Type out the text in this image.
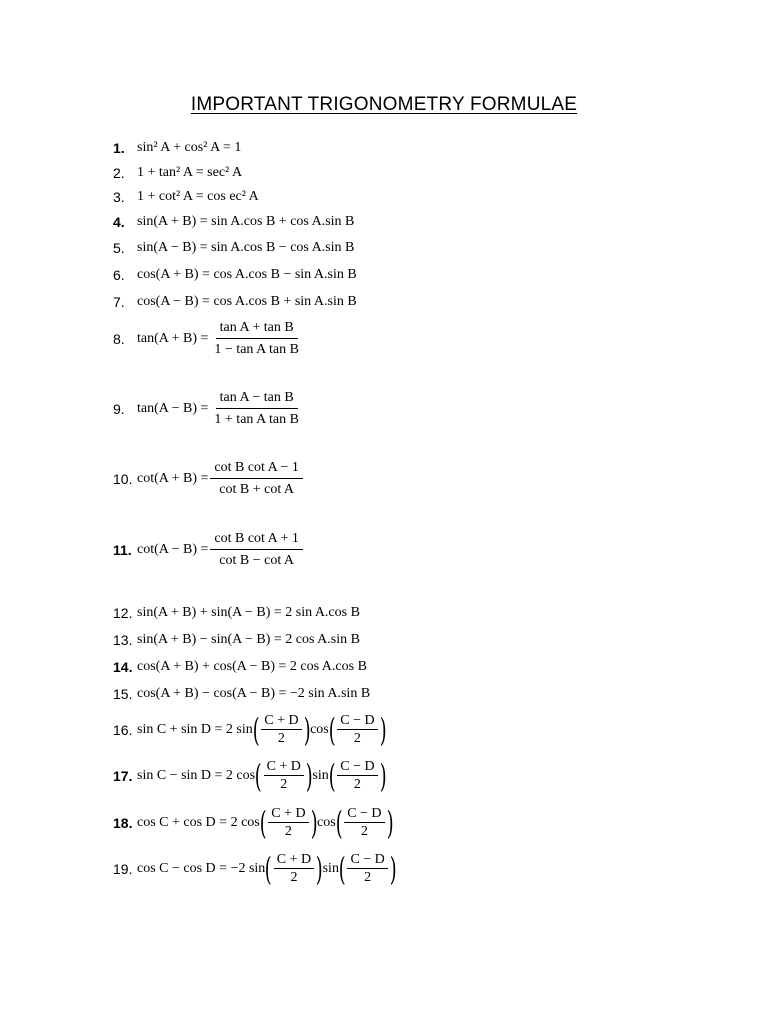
IMPORTANT TRIGONOMETRY FORMULAE
1. sin² A + cos² A = 1
2. 1 + tan² A = sec² A
3. 1 + cot² A = cos ec² A
4. sin(A + B) = sin A.cos B + cos A.sin B
5. sin(A − B) = sin A.cos B − cos A.sin B
6. cos(A + B) = cos A.cos B − sin A.sin B
7. cos(A − B) = cos A.cos B + sin A.sin B
8. $\tan(A + B) = \frac{\text{tan A + tan B}}{\text{1 − tan A tan B}}$
9. $\tan(A - B) = \frac{\text{tan A − tan B}}{\text{1 + tan A tan B}}$
10. $\cot(A + B) = \frac{\text{cot B cot A − 1}}{\text{cot B + cot A}}$
11. $\cot(A - B) = \frac{\text{cot B cot A + 1}}{\text{cot B − cot A}}$
12. sin(A + B) + sin(A − B) = 2 sin A.cos B
13. sin(A + B) − sin(A − B) = 2 cos A.sin B
14. cos(A + B) + cos(A − B) = 2 cos A.cos B
15. cos(A + B) − cos(A − B) = −2 sin A.sin B
16. sin C + sin D = 2 sin ( $\frac{C + D}{2}$ ) cos ( $\frac{C - D}{2}$ )
17. sin C − sin D = 2 cos ( $\frac{C + D}{2}$ ) sin ( $\frac{C - D}{2}$ )
18. cos C + cos D = 2 cos ( $\frac{C + D}{2}$ ) cos ( $\frac{C - D}{2}$ )
19. cos C − cos D = −2 sin ( $\frac{C + D}{2}$ ) sin ( $\frac{C - D}{2}$ )
